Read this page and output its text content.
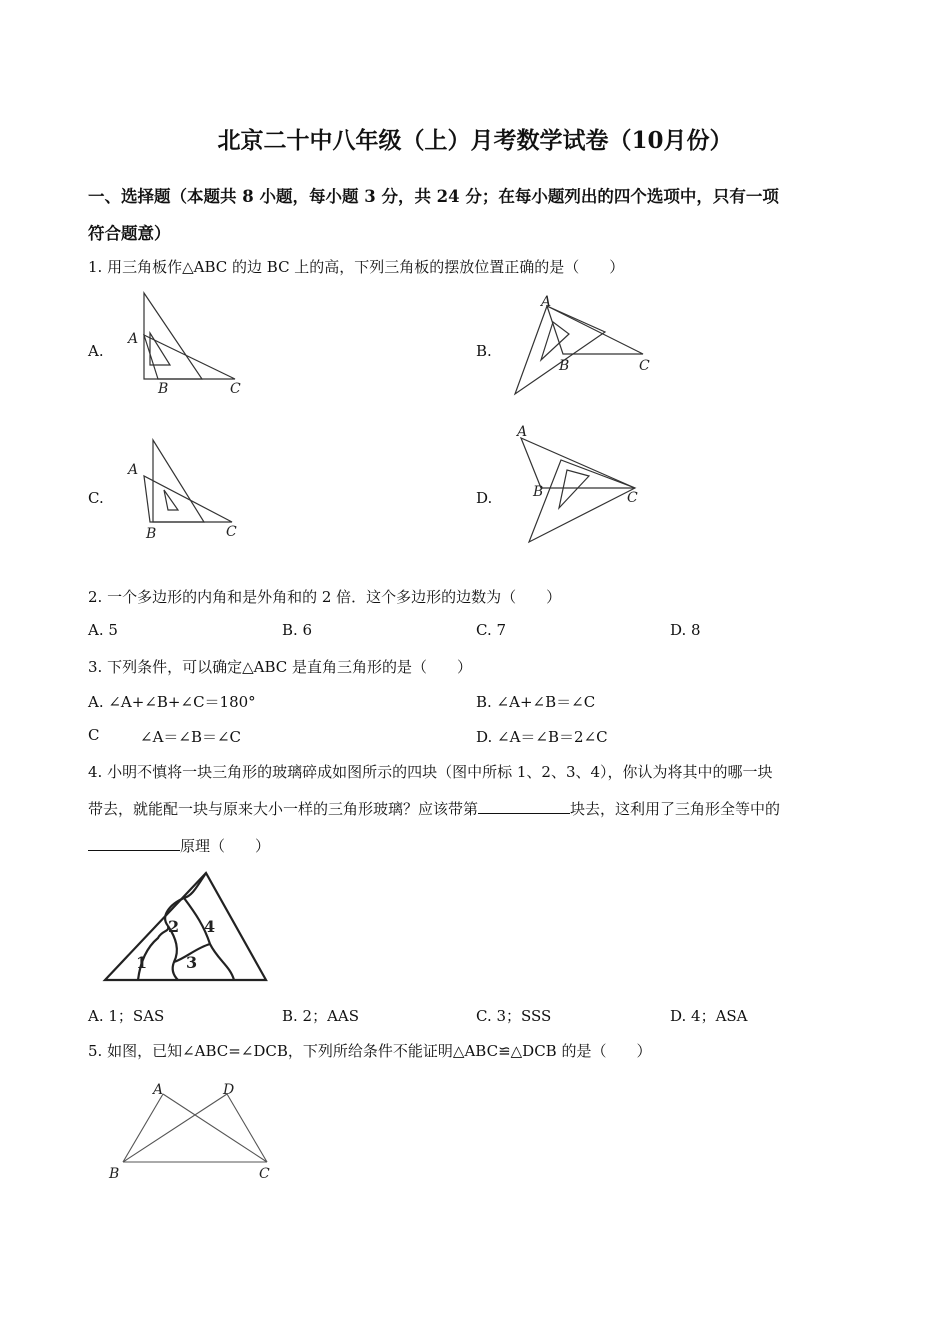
北京二十中八年级（上）月考数学试卷（10月份）
一、选择题（本题共 8 小题，每小题 3 分，共 24 分；在每小题列出的四个选项中，只有一项
符合题意）
1. 用三角板作△ABC 的边 BC 上的高，下列三角板的摆放位置正确的是（　　）
A.
A
B	C
B.
A
B	C
C.
A
B	C
D.
A
B	C
2. 一个多边形的内角和是外角和的 2 倍．这个多边形的边数为（　　）
A. 5	B. 6	C. 7	D. 8
3. 下列条件，可以确定△ABC 是直角三角形的是（　　）
A. ∠A+∠B+∠C＝180°	B. ∠A+∠B＝∠C
C	∠A＝∠B＝∠C	D. ∠A＝∠B＝2∠C
4. 小明不慎将一块三角形的玻璃碎成如图所示的四块（图中所标 1、2、3、4），你认为将其中的哪一块
带去，就能配一块与原来大小一样的三角形玻璃？应该带第	块去，这利用了三角形全等中的
原理（　　）
1
2
3
4
A. 1；SAS	B. 2；AAS	C. 3；SSS	D. 4；ASA
5. 如图，已知∠ABC=∠DCB，下列所给条件不能证明△ABC≌△DCB 的是（　　）
A	D
B	C
